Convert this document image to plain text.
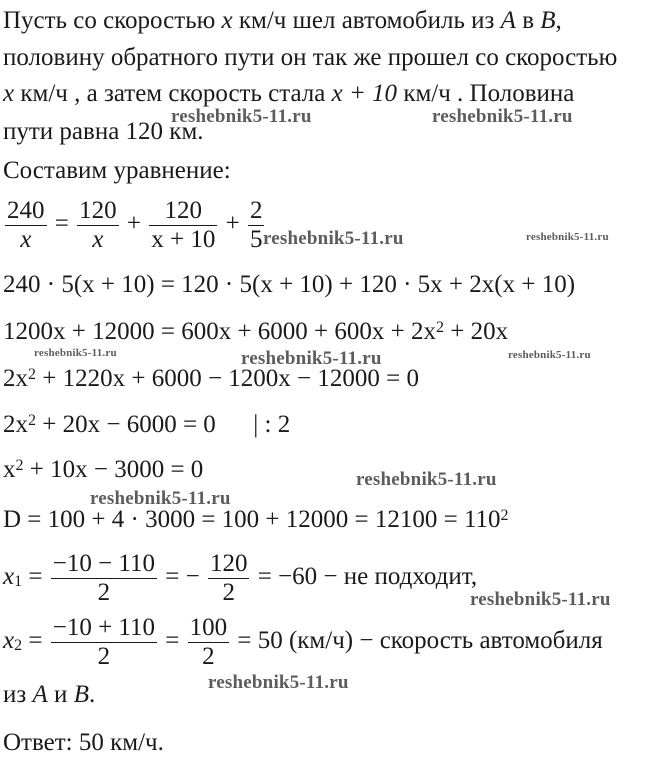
Пусть со скоростью x км/ч шел автомобиль из A в B,
половину обратного пути он так же прошел со скоростью
x км/ч , а затем скорость стала x + 10 км/ч . Половина
пути равна 120 км.
Составим уравнение:
$\frac{240}{x} = \frac{120}{x} + \frac{120}{x + 10} + \frac{2}{5}$
240 · 5(x + 10) = 120 · 5(x + 10) + 120 · 5x + 2x(x + 10)
$1200x + 12000 = 600x + 6000 + 600x + 2x^2 + 20x$
$2x^2 + 1220x + 6000 - 1200x - 12000 = 0$
$2x^2 + 20x - 6000 = 0$      | : 2
$x^2 + 10x - 3000 = 0$
$D = 100 + 4 \cdot 3000 = 100 + 12000 = 12100 = 110^2$
$x_1 = \frac{-10 - 110}{2}$ = − $\frac{120}{2} = -60$ − не подходит,
$x_2 = \frac{-10 + 110}{2} = \frac{100}{2} = 50$ (км/ч) − скорость автомобиля
из A и B.
Ответ: 50 км/ч.
reshebnik5-11.ru	reshebnik5-11.ru
reshebnik5-11.ru	reshebnik5-11.ru
reshebnik5-11.ru	reshebnik5-11.ru	reshebnik5-11.ru
reshebnik5-11.ru
reshebnik5-11.ru
reshebnik5-11.ru
reshebnik5-11.ru
